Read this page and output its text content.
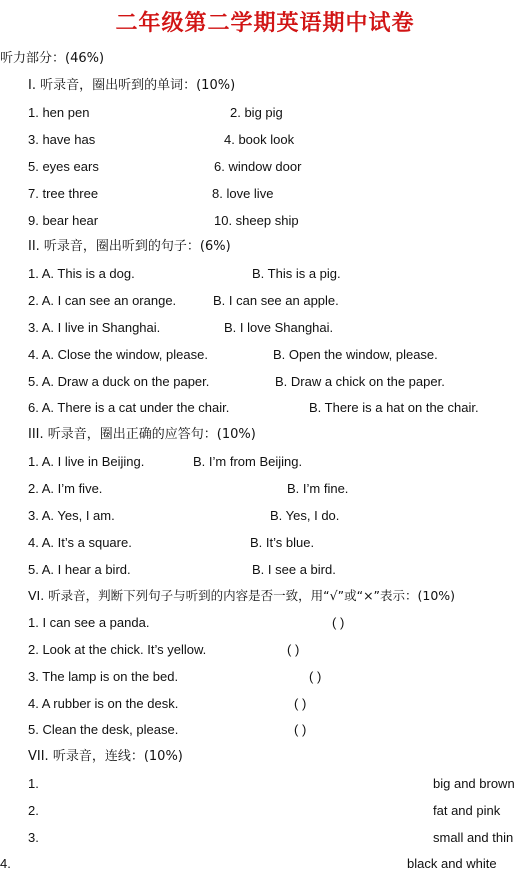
二年级第二学期英语期中试卷
听力部分：(46%)
I. 听录音，圈出听到的单词：(10%)
1. hen pen	2. big pig
3. have has	4. book look
5. eyes ears	6. window door
7. tree three	8. love live
9. bear hear	10. sheep ship
II. 听录音，圈出听到的句子：(6%)
1. A. This is a dog.	B. This is a pig.
2. A. I can see an orange.	B. I can see an apple.
3. A. I live in Shanghai.	B. I love Shanghai.
4. A. Close the window, please.	B. Open the window, please.
5. A. Draw a duck on the paper.	B. Draw a chick on the paper.
6. A. There is a cat under the chair.	B. There is a hat on the chair.
III. 听录音，圈出正确的应答句：(10%)
1. A. I live in Beijing.	B. I’m from Beijing.
2. A. I’m five.	B. I’m fine.
3. A. Yes, I am.	B. Yes, I do.
4. A. It’s a square.	B. It’s blue.
5. A. I hear a bird.	B. I see a bird.
VI. 听录音，判断下列句子与听到的内容是否一致，用“√”或“×”表示：(10%)
1. I can see a panda.	( )
2. Look at the chick. It’s yellow.	( )
3. The lamp is on the bed.	( )
4. A rubber is on the desk.	( )
5. Clean the desk, please.	( )
VII. 听录音，连线：(10%)
1.	big and brown
2.	fat and pink
3.	small and thin
4.	black and white
